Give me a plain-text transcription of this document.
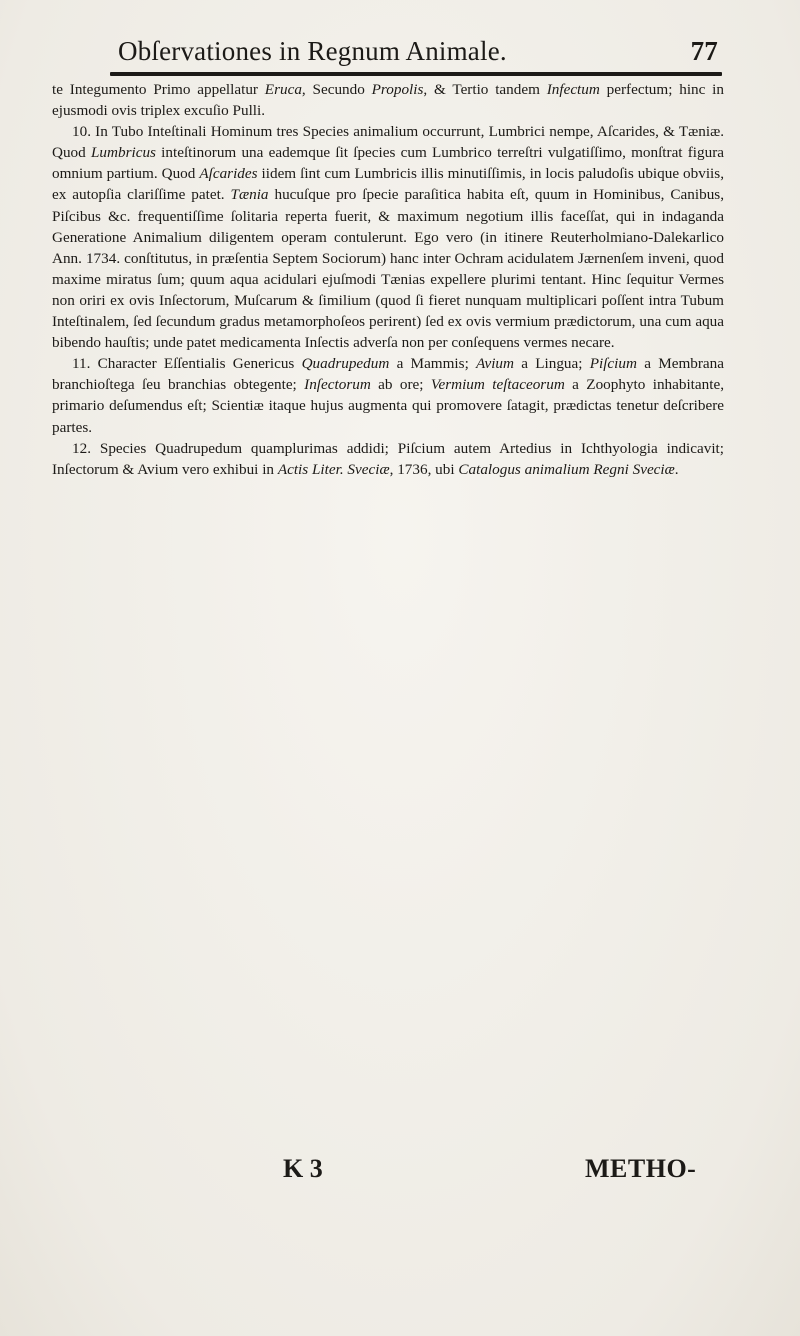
Obſervationes in Regnum Animale.	77

te Integumento Primo appellatur Eruca, Secundo Propolis, & Tertio tandem Infectum perfectum; hinc in ejusmodi ovis triplex excuſio Pulli.

10. In Tubo Inteſtinali Hominum tres Species animalium occurrunt, Lumbrici nempe, Aſcarides, & Tæniæ. Quod Lumbricus inteſtinorum una eademque ſit ſpecies cum Lumbrico terreſtri vulgatiſſimo, monſtrat figura omnium partium. Quod Aſcarides iidem ſint cum Lumbricis illis minutiſſimis, in locis paludoſis ubique obviis, ex autopſia clariſſime patet. Tænia hucuſque pro ſpecie paraſitica habita eſt, quum in Hominibus, Canibus, Piſcibus &c. frequentiſſime ſolitaria reperta fuerit, & maximum negotium illis faceſſat, qui in indaganda Generatione Animalium diligentem operam contulerunt. Ego vero (in itinere Reuterholmiano-Dalekarlico Ann. 1734. conſtitutus, in præſentia Septem Sociorum) hanc inter Ochram acidulatem Jærnenſem inveni, quod maxime miratus ſum; quum aqua acidulari ejuſmodi Tænias expellere plurimi tentant. Hinc ſequitur Vermes non oriri ex ovis Inſectorum, Muſcarum & ſimilium (quod ſi fieret nunquam multiplicari poſſent intra Tubum Inteſtinalem, ſed ſecundum gradus metamorphoſeos perirent) ſed ex ovis vermium prædictorum, una cum aqua bibendo hauſtis; unde patet medicamenta Inſectis adverſa non per conſequens vermes necare.

11. Character Eſſentialis Genericus Quadrupedum a Mammis; Avium a Lingua; Piſcium a Membrana branchioſtega ſeu branchias obtegente; Inſectorum ab ore; Vermium teſtaceorum a Zoophyto inhabitante, primario deſumendus eſt; Scientiæ itaque hujus augmenta qui promovere ſatagit, prædictas tenetur deſcribere partes.

12. Species Quadrupedum quamplurimas addidi; Piſcium autem Artedius in Ichthyologia indicavit; Inſectorum & Avium vero exhibui in Actis Liter. Sveciæ, 1736, ubi Catalogus animalium Regni Sveciæ.

K 3	METHO-
